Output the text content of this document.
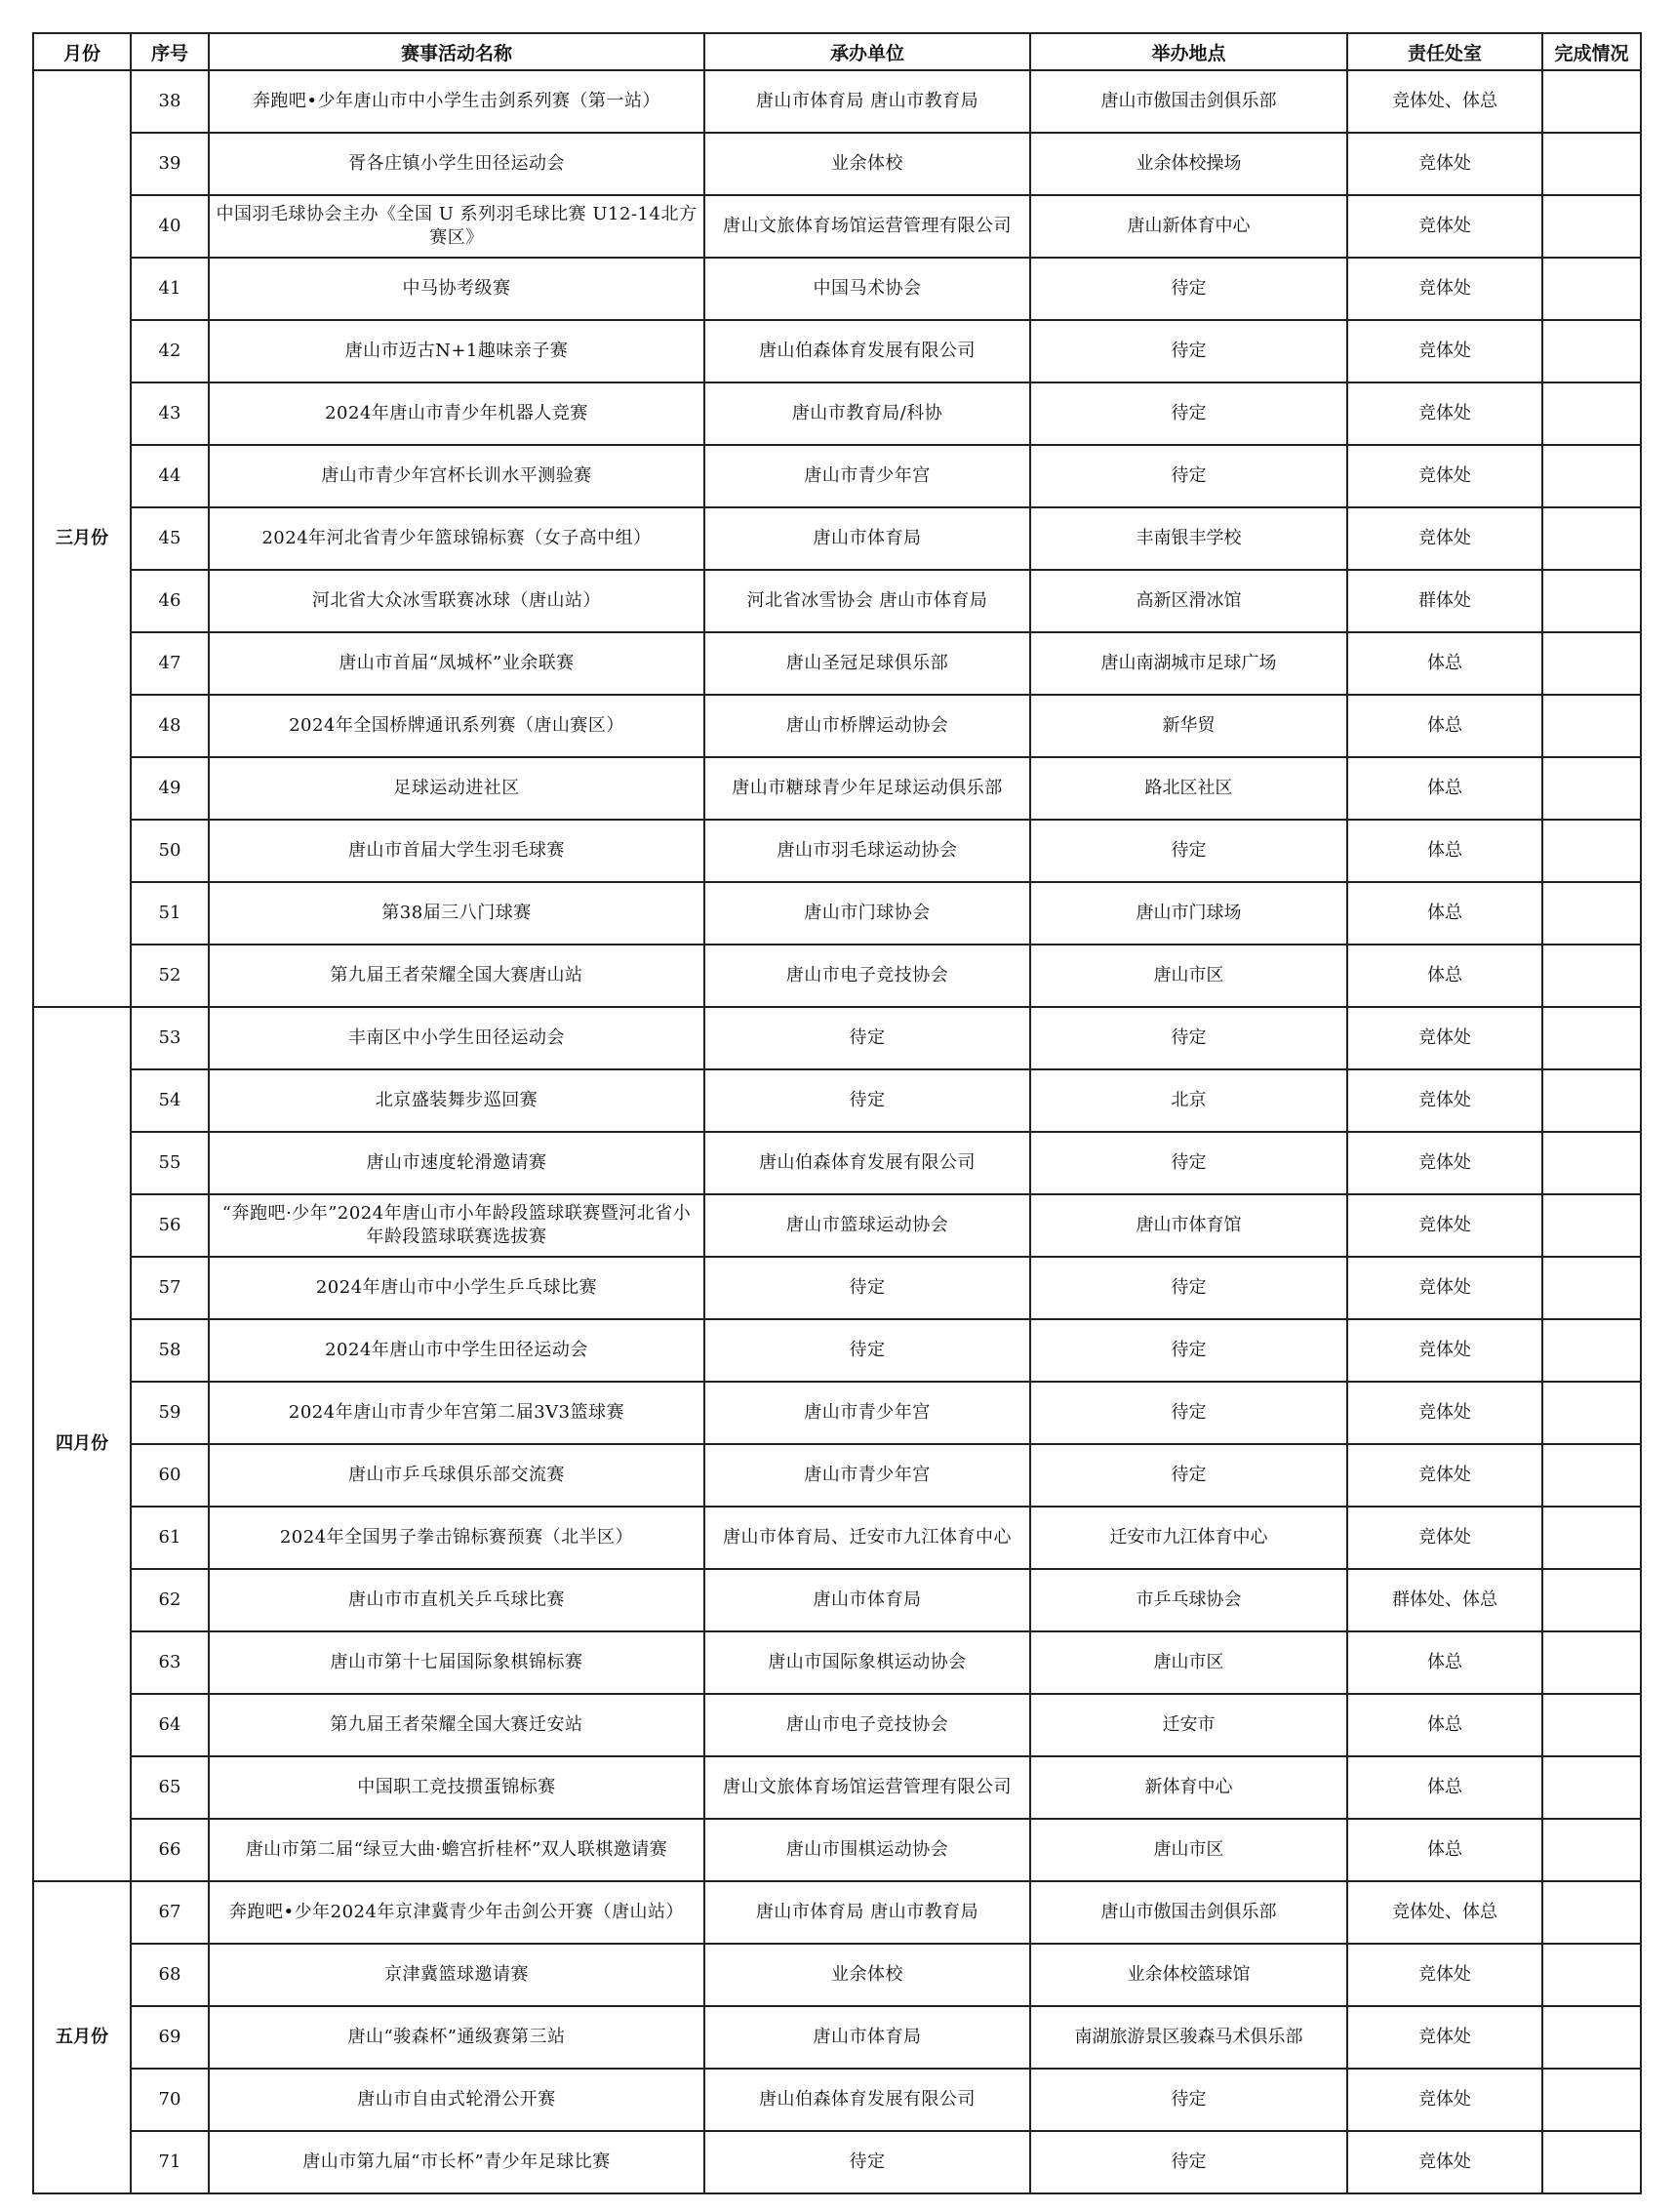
月份	序号	赛事活动名称	承办单位	举办地点	责任处室	完成情况
三月份	38	奔跑吧•少年唐山市中小学生击剑系列赛（第一站）	唐山市体育局 唐山市教育局	唐山市傲国击剑俱乐部	竞体处、体总	
	39	胥各庄镇小学生田径运动会	业余体校	业余体校操场	竞体处	
	40	中国羽毛球协会主办《全国 U 系列羽毛球比赛 U12-14北方赛区》	唐山文旅体育场馆运营管理有限公司	唐山新体育中心	竞体处	
	41	中马协考级赛	中国马术协会	待定	竞体处	
	42	唐山市迈古N+1趣味亲子赛	唐山伯森体育发展有限公司	待定	竞体处	
	43	2024年唐山市青少年机器人竞赛	唐山市教育局/科协	待定	竞体处	
	44	唐山市青少年宫杯长训水平测验赛	唐山市青少年宫	待定	竞体处	
	45	2024年河北省青少年篮球锦标赛（女子高中组）	唐山市体育局	丰南银丰学校	竞体处	
	46	河北省大众冰雪联赛冰球（唐山站）	河北省冰雪协会 唐山市体育局	高新区滑冰馆	群体处	
	47	唐山市首届“凤城杯”业余联赛	唐山圣冠足球俱乐部	唐山南湖城市足球广场	体总	
	48	2024年全国桥牌通讯系列赛（唐山赛区）	唐山市桥牌运动协会	新华贸	体总	
	49	足球运动进社区	唐山市糖球青少年足球运动俱乐部	路北区社区	体总	
	50	唐山市首届大学生羽毛球赛	唐山市羽毛球运动协会	待定	体总	
	51	第38届三八门球赛	唐山市门球协会	唐山市门球场	体总	
	52	第九届王者荣耀全国大赛唐山站	唐山市电子竞技协会	唐山市区	体总	
四月份	53	丰南区中小学生田径运动会	待定	待定	竞体处	
	54	北京盛装舞步巡回赛	待定	北京	竞体处	
	55	唐山市速度轮滑邀请赛	唐山伯森体育发展有限公司	待定	竞体处	
	56	“奔跑吧·少年”2024年唐山市小年龄段篮球联赛暨河北省小年龄段篮球联赛选拔赛	唐山市篮球运动协会	唐山市体育馆	竞体处	
	57	2024年唐山市中小学生乒乓球比赛	待定	待定	竞体处	
	58	2024年唐山市中学生田径运动会	待定	待定	竞体处	
	59	2024年唐山市青少年宫第二届3V3篮球赛	唐山市青少年宫	待定	竞体处	
	60	唐山市乒乓球俱乐部交流赛	唐山市青少年宫	待定	竞体处	
	61	2024年全国男子拳击锦标赛预赛（北半区）	唐山市体育局、迁安市九江体育中心	迁安市九江体育中心	竞体处	
	62	唐山市市直机关乒乓球比赛	唐山市体育局	市乒乓球协会	群体处、体总	
	63	唐山市第十七届国际象棋锦标赛	唐山市国际象棋运动协会	唐山市区	体总	
	64	第九届王者荣耀全国大赛迁安站	唐山市电子竞技协会	迁安市	体总	
	65	中国职工竞技掼蛋锦标赛	唐山文旅体育场馆运营管理有限公司	新体育中心	体总	
	66	唐山市第二届“绿豆大曲·蟾宫折桂杯”双人联棋邀请赛	唐山市围棋运动协会	唐山市区	体总	
五月份	67	奔跑吧•少年2024年京津冀青少年击剑公开赛（唐山站）	唐山市体育局 唐山市教育局	唐山市傲国击剑俱乐部	竞体处、体总	
	68	京津冀篮球邀请赛	业余体校	业余体校篮球馆	竞体处	
	69	唐山“骏森杯”通级赛第三站	唐山市体育局	南湖旅游景区骏森马术俱乐部	竞体处	
	70	唐山市自由式轮滑公开赛	唐山伯森体育发展有限公司	待定	竞体处	
	71	唐山市第九届“市长杯”青少年足球比赛	待定	待定	竞体处	
